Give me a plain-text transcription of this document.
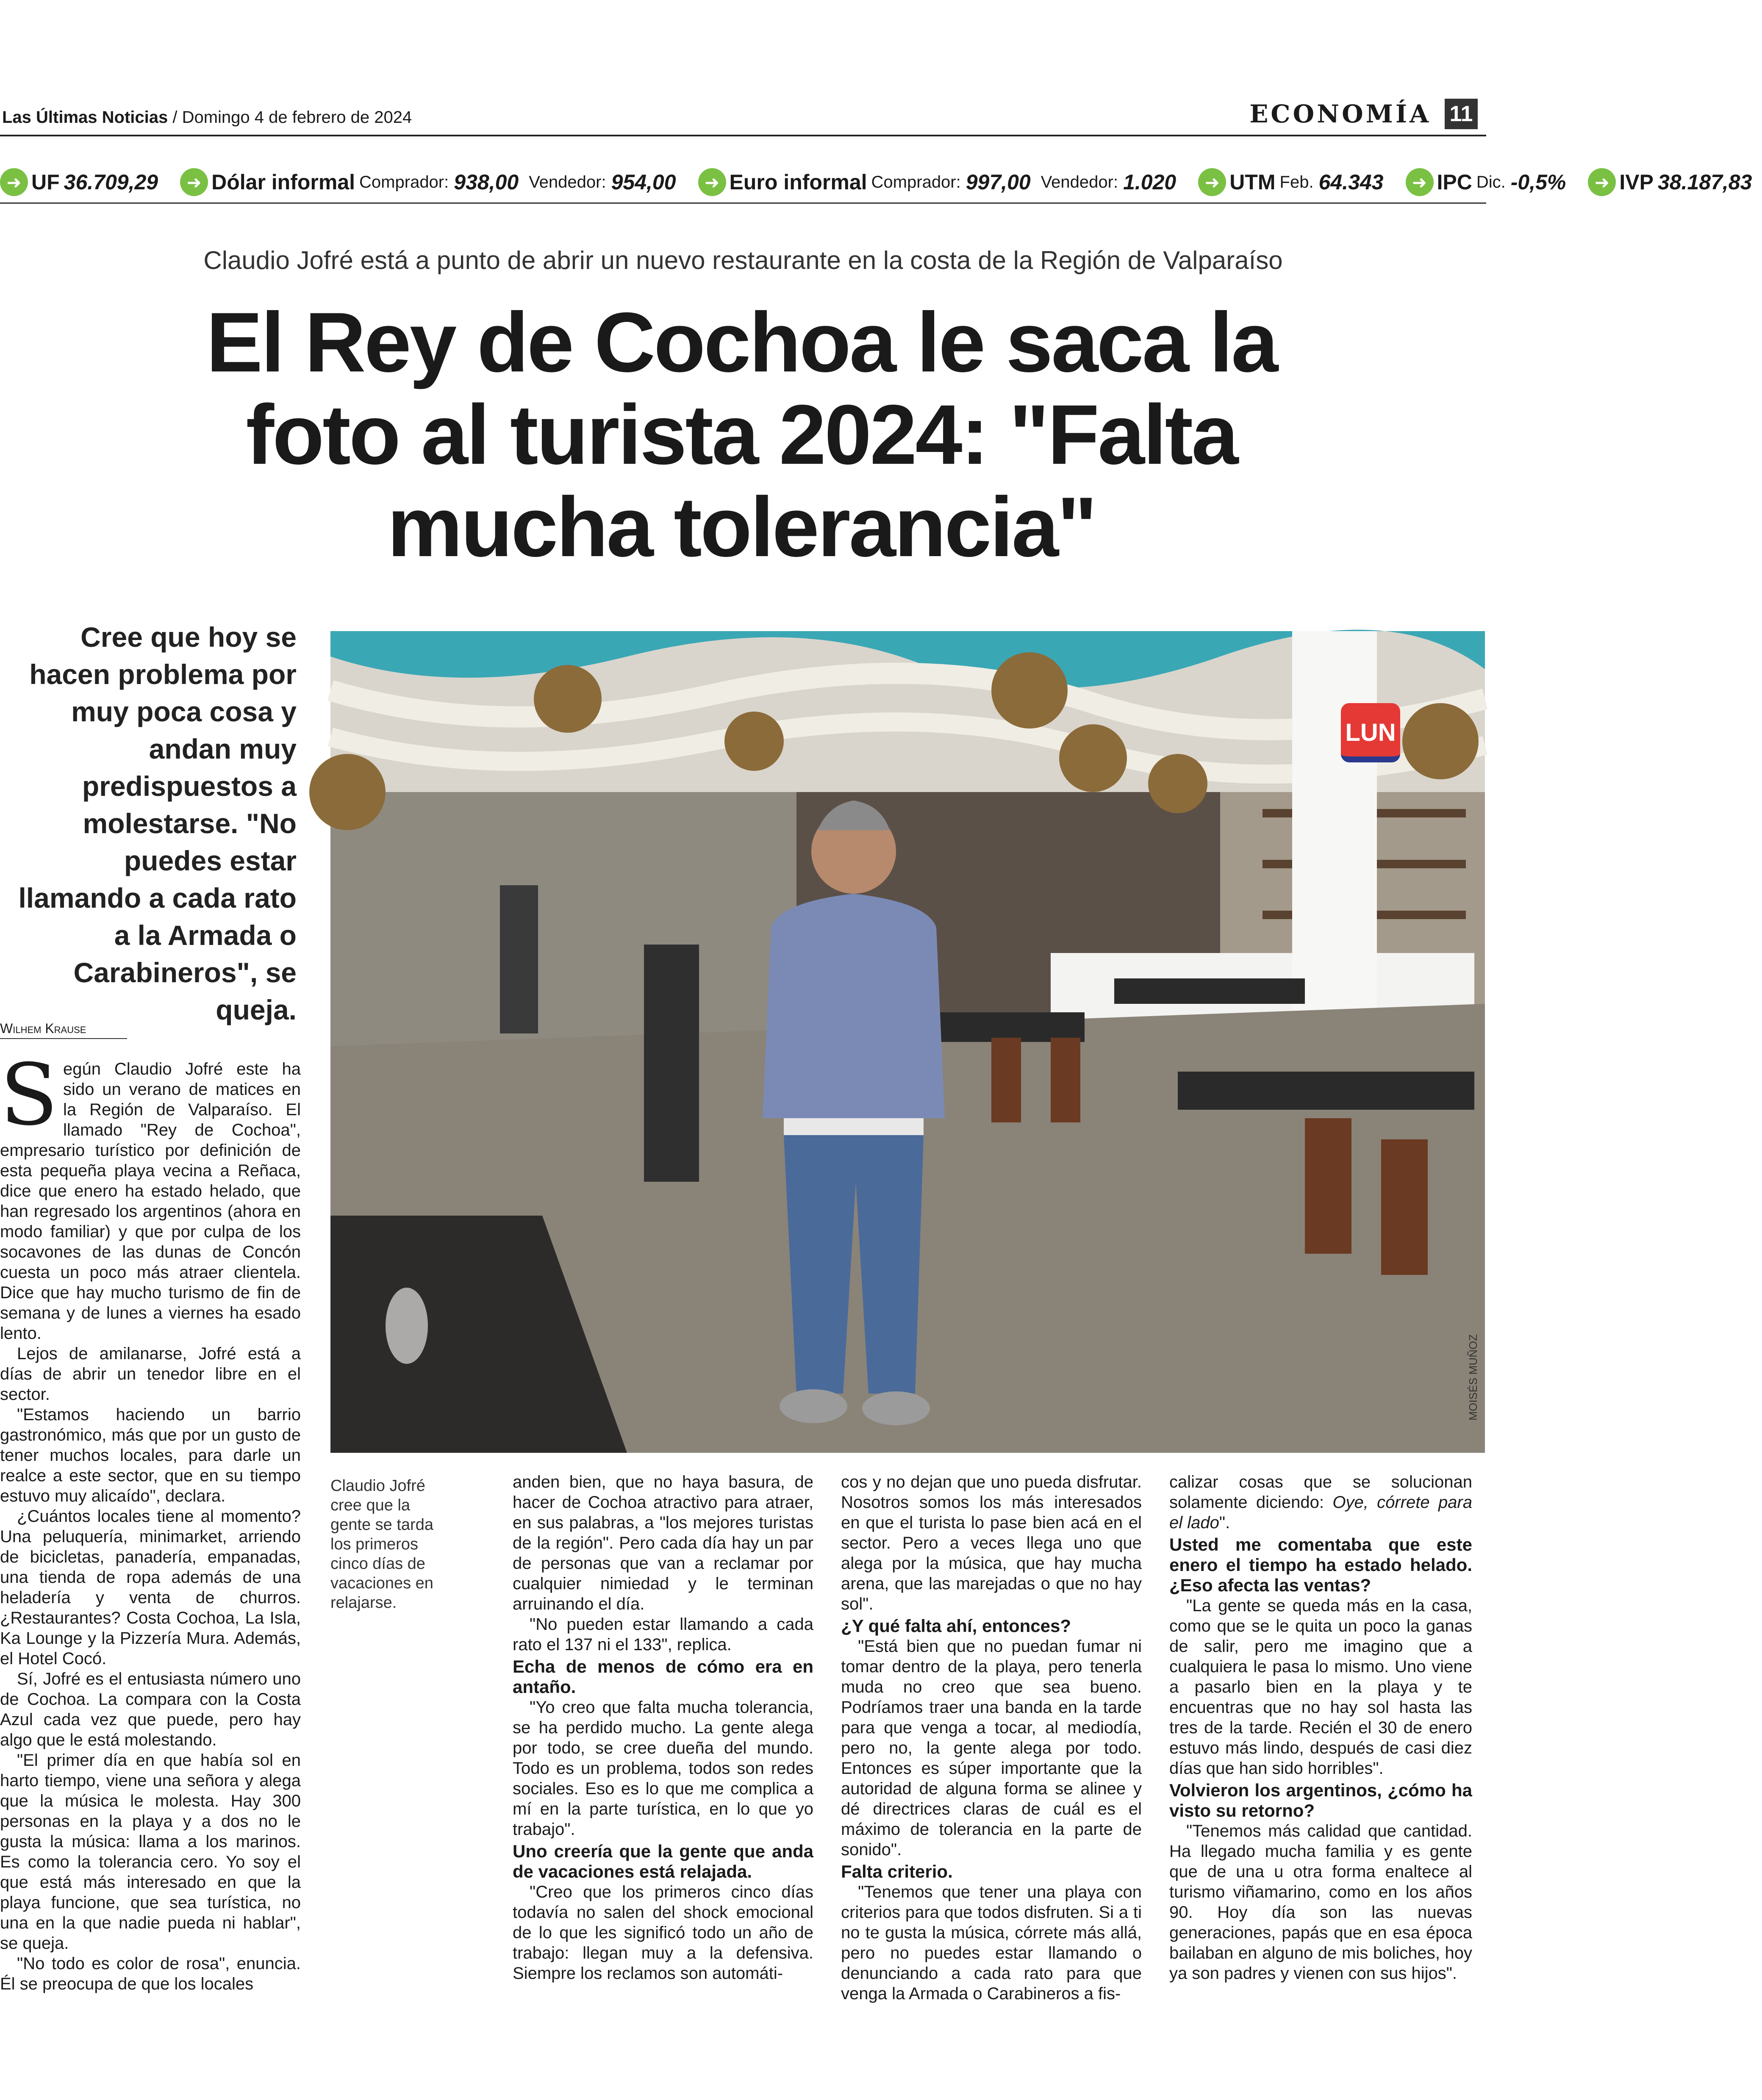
Las Últimas Noticias / Domingo 4 de febrero de 2024	ECONOMÍA 11
➜ UF 36.709,29	➜ Dólar informal Comprador: 938,00 Vendedor: 954,00	➜ Euro informal Comprador: 997,00 Vendedor: 1.020	➜ UTM Feb. 64.343	➜ IPC Dic. -0,5%	➜ IVP 38.187,83
Claudio Jofré está a punto de abrir un nuevo restaurante en la costa de la Región de Valparaíso
El Rey de Cochoa le saca la foto al turista 2024: "Falta mucha tolerancia"
Cree que hoy se hacen problema por muy poca cosa y andan muy predispuestos a molestarse. "No puedes estar llamando a cada rato a la Armada o Carabineros", se queja.
Wilhem Krause
LUN
MOISÉS MUÑOZ
Claudio Jofré cree que la gente se tarda los primeros cinco días de vacaciones en relajarse.

Según Claudio Jofré este ha sido un verano de matices en la Región de Valparaíso. El llamado "Rey de Cochoa", empresario turístico por definición de esta pequeña playa vecina a Reñaca, dice que enero ha estado helado, que han regresado los argentinos (ahora en modo familiar) y que por culpa de los socavones de las dunas de Concón cuesta un poco más atraer clientela. Dice que hay mucho turismo de fin de semana y de lunes a viernes ha esado lento.

Lejos de amilanarse, Jofré está a días de abrir un tenedor libre en el sector.

"Estamos haciendo un barrio gastronómico, más que por un gusto de tener muchos locales, para darle un realce a este sector, que en su tiempo estuvo muy alicaído", declara.

¿Cuántos locales tiene al momento? Una peluquería, minimarket, arriendo de bicicletas, panadería, empanadas, una tienda de ropa además de una heladería y venta de churros. ¿Restaurantes? Costa Cochoa, La Isla, Ka Lounge y la Pizzería Mura. Además, el Hotel Cocó.

Sí, Jofré es el entusiasta número uno de Cochoa. La compara con la Costa Azul cada vez que puede, pero hay algo que le está molestando.

"El primer día en que había sol en harto tiempo, viene una señora y alega que la música le molesta. Hay 300 personas en la playa y a dos no le gusta la música: llama a los marinos. Es como la tolerancia cero. Yo soy el que está más interesado en que la playa funcione, que sea turística, no una en la que nadie pueda ni hablar", se queja.

"No todo es color de rosa", enuncia. Él se preocupa de que los locales

anden bien, que no haya basura, de hacer de Cochoa atractivo para atraer, en sus palabras, a "los mejores turistas de la región". Pero cada día hay un par de personas que van a reclamar por cualquier nimiedad y le terminan arruinando el día.

"No pueden estar llamando a cada rato el 137 ni el 133", replica.

Echa de menos de cómo era en antaño.

"Yo creo que falta mucha tolerancia, se ha perdido mucho. La gente alega por todo, se cree dueña del mundo. Todo es un problema, todos son redes sociales. Eso es lo que me complica a mí en la parte turística, en lo que yo trabajo".

Uno creería que la gente que anda de vacaciones está relajada.

"Creo que los primeros cinco días todavía no salen del shock emocional de lo que les significó todo un año de trabajo: llegan muy a la defensiva. Siempre los reclamos son automáti-

cos y no dejan que uno pueda disfrutar. Nosotros somos los más interesados en que el turista lo pase bien acá en el sector. Pero a veces llega uno que alega por la música, que hay mucha arena, que las marejadas o que no hay sol".

¿Y qué falta ahí, entonces?

"Está bien que no puedan fumar ni tomar dentro de la playa, pero tenerla muda no creo que sea bueno. Podríamos traer una banda en la tarde para que venga a tocar, al mediodía, pero no, la gente alega por todo. Entonces es súper importante que la autoridad de alguna forma se alinee y dé directrices claras de cuál es el máximo de tolerancia en la parte de sonido".

Falta criterio.

"Tenemos que tener una playa con criterios para que todos disfruten. Si a ti no te gusta la música, córrete más allá, pero no puedes estar llamando o denunciando a cada rato para que venga la Armada o Carabineros a fis-

calizar cosas que se solucionan solamente diciendo: Oye, córrete para el lado".

Usted me comentaba que este enero el tiempo ha estado helado. ¿Eso afecta las ventas?

"La gente se queda más en la casa, como que se le quita un poco la ganas de salir, pero me imagino que a cualquiera le pasa lo mismo. Uno viene a pasarlo bien en la playa y te encuentras que no hay sol hasta las tres de la tarde. Recién el 30 de enero estuvo más lindo, después de casi diez días que han sido horribles".

Volvieron los argentinos, ¿cómo ha visto su retorno?

"Tenemos más calidad que cantidad. Ha llegado mucha familia y es gente que de una u otra forma enaltece al turismo viñamarino, como en los años 90. Hoy día son las nuevas generaciones, papás que en esa época bailaban en alguno de mis boliches, hoy ya son padres y vienen con sus hijos".
